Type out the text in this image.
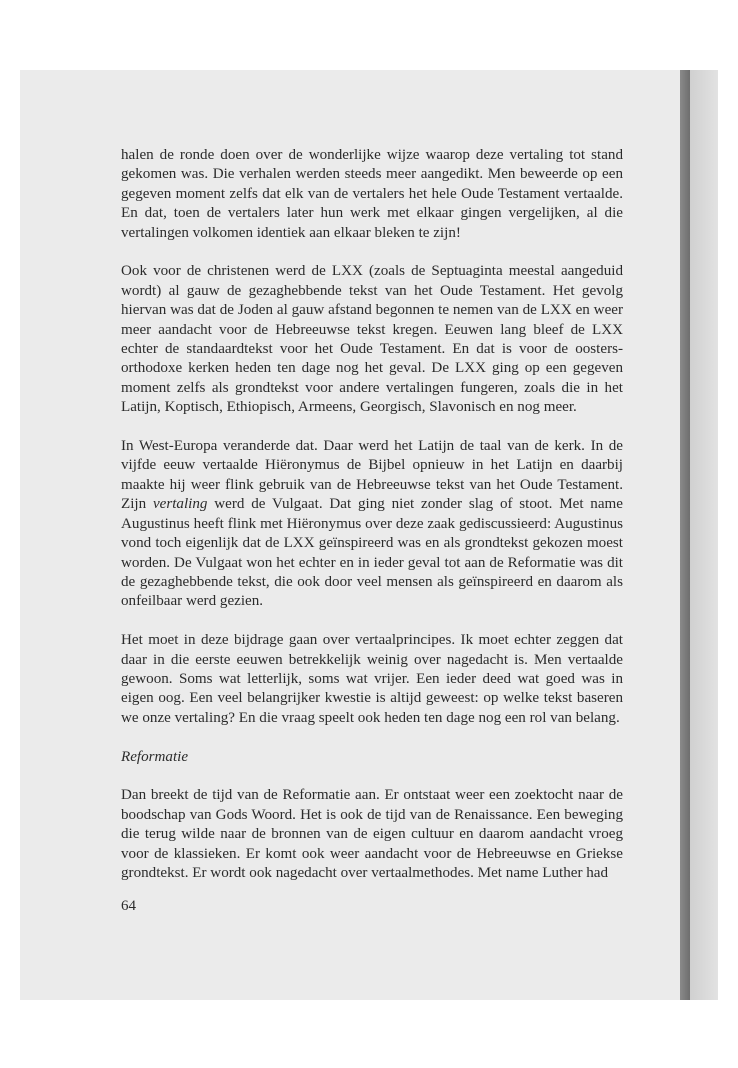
halen de ronde doen over de wonderlijke wijze waarop deze vertaling tot stand gekomen was. Die verhalen werden steeds meer aangedikt. Men beweerde op een gegeven moment zelfs dat elk van de vertalers het hele Oude Testament vertaalde. En dat, toen de vertalers later hun werk met elkaar gingen vergelijken, al die vertalingen volkomen identiek aan elkaar bleken te zijn!

Ook voor de christenen werd de LXX (zoals de Septuaginta meestal aangeduid wordt) al gauw de gezaghebbende tekst van het Oude Testament. Het gevolg hiervan was dat de Joden al gauw afstand begonnen te nemen van de LXX en weer meer aandacht voor de Hebreeuwse tekst kregen. Eeuwen lang bleef de LXX echter de standaardtekst voor het Oude Testament. En dat is voor de oosters- orthodoxe kerken heden ten dage nog het geval. De LXX ging op een gegeven moment zelfs als grondtekst voor andere vertalingen fungeren, zoals die in het Latijn, Koptisch, Ethiopisch, Armeens, Georgisch, Slavonisch en nog meer.

In West-Europa veranderde dat. Daar werd het Latijn de taal van de kerk. In de vijfde eeuw vertaalde Hiëronymus de Bijbel opnieuw in het Latijn en daarbij maakte hij weer flink gebruik van de Hebreeuwse tekst van het Oude Testament. Zijn vertaling werd de Vulgaat. Dat ging niet zonder slag of stoot. Met name Augustinus heeft flink met Hiëronymus over deze zaak gediscussieerd: Augustinus vond toch eigenlijk dat de LXX geïnspireerd was en als grondtekst gekozen moest worden. De Vulgaat won het echter en in ieder geval tot aan de Reformatie was dit de gezaghebbende tekst, die ook door veel mensen als geïnspireerd en daarom als onfeilbaar werd gezien.

Het moet in deze bijdrage gaan over vertaalprincipes. Ik moet echter zeggen dat daar in die eerste eeuwen betrekkelijk weinig over nagedacht is. Men vertaalde gewoon. Soms wat letterlijk, soms wat vrijer. Een ieder deed wat goed was in eigen oog. Een veel belangrijker kwestie is altijd geweest: op welke tekst baseren we onze vertaling? En die vraag speelt ook heden ten dage nog een rol van belang.

Reformatie

Dan breekt de tijd van de Reformatie aan. Er ontstaat weer een zoektocht naar de boodschap van Gods Woord. Het is ook de tijd van de Renaissance. Een beweging die terug wilde naar de bronnen van de eigen cultuur en daarom aandacht vroeg voor de klassieken. Er komt ook weer aandacht voor de Hebreeuwse en Griekse grondtekst. Er wordt ook nagedacht over vertaalmethodes. Met name Luther had

64
